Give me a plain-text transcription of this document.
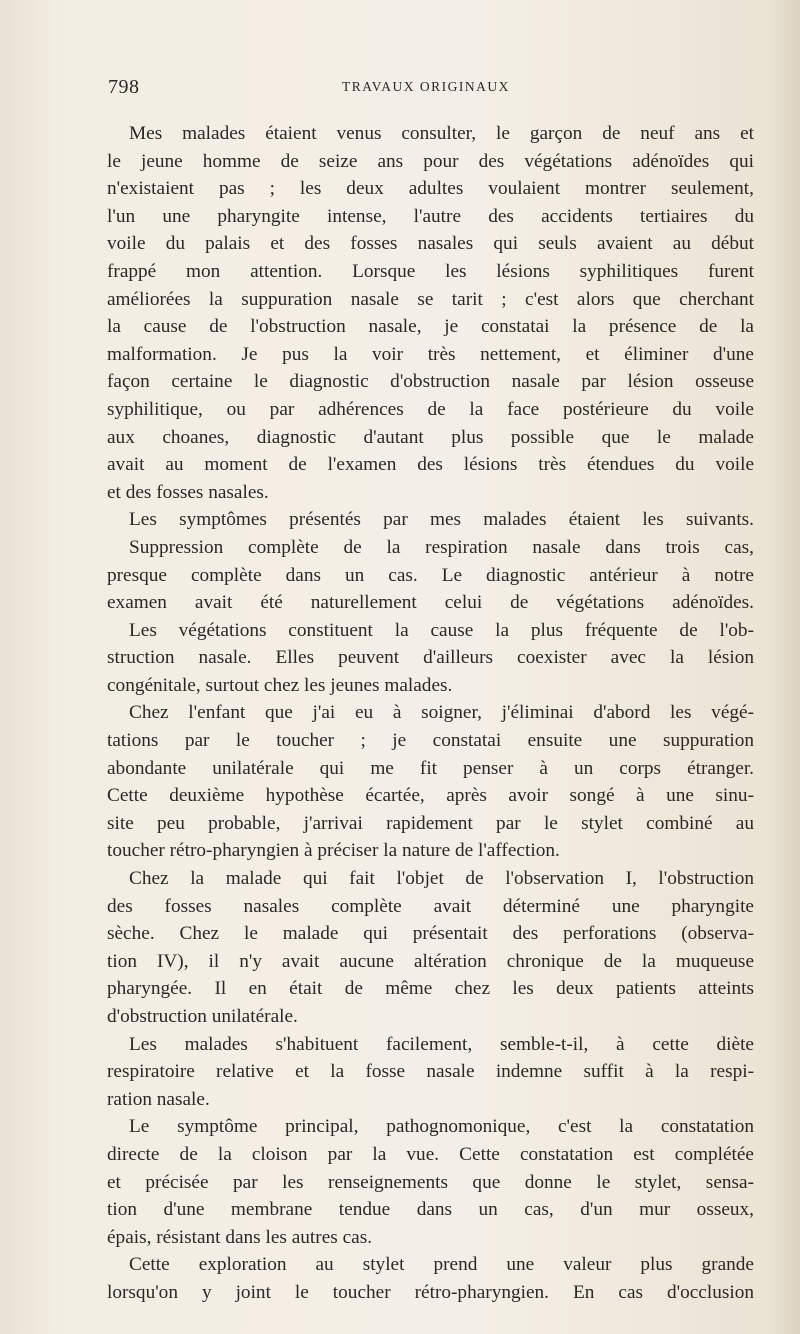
798	TRAVAUX ORIGINAUX
Mes malades étaient venus consulter, le garçon de neuf ans et
le jeune homme de seize ans pour des végétations adénoïdes qui
n'existaient pas ; les deux adultes voulaient montrer seulement,
l'un une pharyngite intense, l'autre des accidents tertiaires du
voile du palais et des fosses nasales qui seuls avaient au début
frappé mon attention. Lorsque les lésions syphilitiques furent
améliorées la suppuration nasale se tarit ; c'est alors que cherchant
la cause de l'obstruction nasale, je constatai la présence de la
malformation. Je pus la voir très nettement, et éliminer d'une
façon certaine le diagnostic d'obstruction nasale par lésion osseuse
syphilitique, ou par adhérences de la face postérieure du voile
aux choanes, diagnostic d'autant plus possible que le malade
avait au moment de l'examen des lésions très étendues du voile
et des fosses nasales.
Les symptômes présentés par mes malades étaient les suivants.
Suppression complète de la respiration nasale dans trois cas,
presque complète dans un cas. Le diagnostic antérieur à notre
examen avait été naturellement celui de végétations adénoïdes.
Les végétations constituent la cause la plus fréquente de l'ob-
struction nasale. Elles peuvent d'ailleurs coexister avec la lésion
congénitale, surtout chez les jeunes malades.
Chez l'enfant que j'ai eu à soigner, j'éliminai d'abord les végé-
tations par le toucher ; je constatai ensuite une suppuration
abondante unilatérale qui me fit penser à un corps étranger.
Cette deuxième hypothèse écartée, après avoir songé à une sinu-
site peu probable, j'arrivai rapidement par le stylet combiné au
toucher rétro-pharyngien à préciser la nature de l'affection.
Chez la malade qui fait l'objet de l'observation I, l'obstruction
des fosses nasales complète avait déterminé une pharyngite
sèche. Chez le malade qui présentait des perforations (observa-
tion IV), il n'y avait aucune altération chronique de la muqueuse
pharyngée. Il en était de même chez les deux patients atteints
d'obstruction unilatérale.
Les malades s'habituent facilement, semble-t-il, à cette diète
respiratoire relative et la fosse nasale indemne suffit à la respi-
ration nasale.
Le symptôme principal, pathognomonique, c'est la constatation
directe de la cloison par la vue. Cette constatation est complétée
et précisée par les renseignements que donne le stylet, sensa-
tion d'une membrane tendue dans un cas, d'un mur osseux,
épais, résistant dans les autres cas.
Cette exploration au stylet prend une valeur plus grande
lorsqu'on y joint le toucher rétro-pharyngien. En cas d'occlusion
